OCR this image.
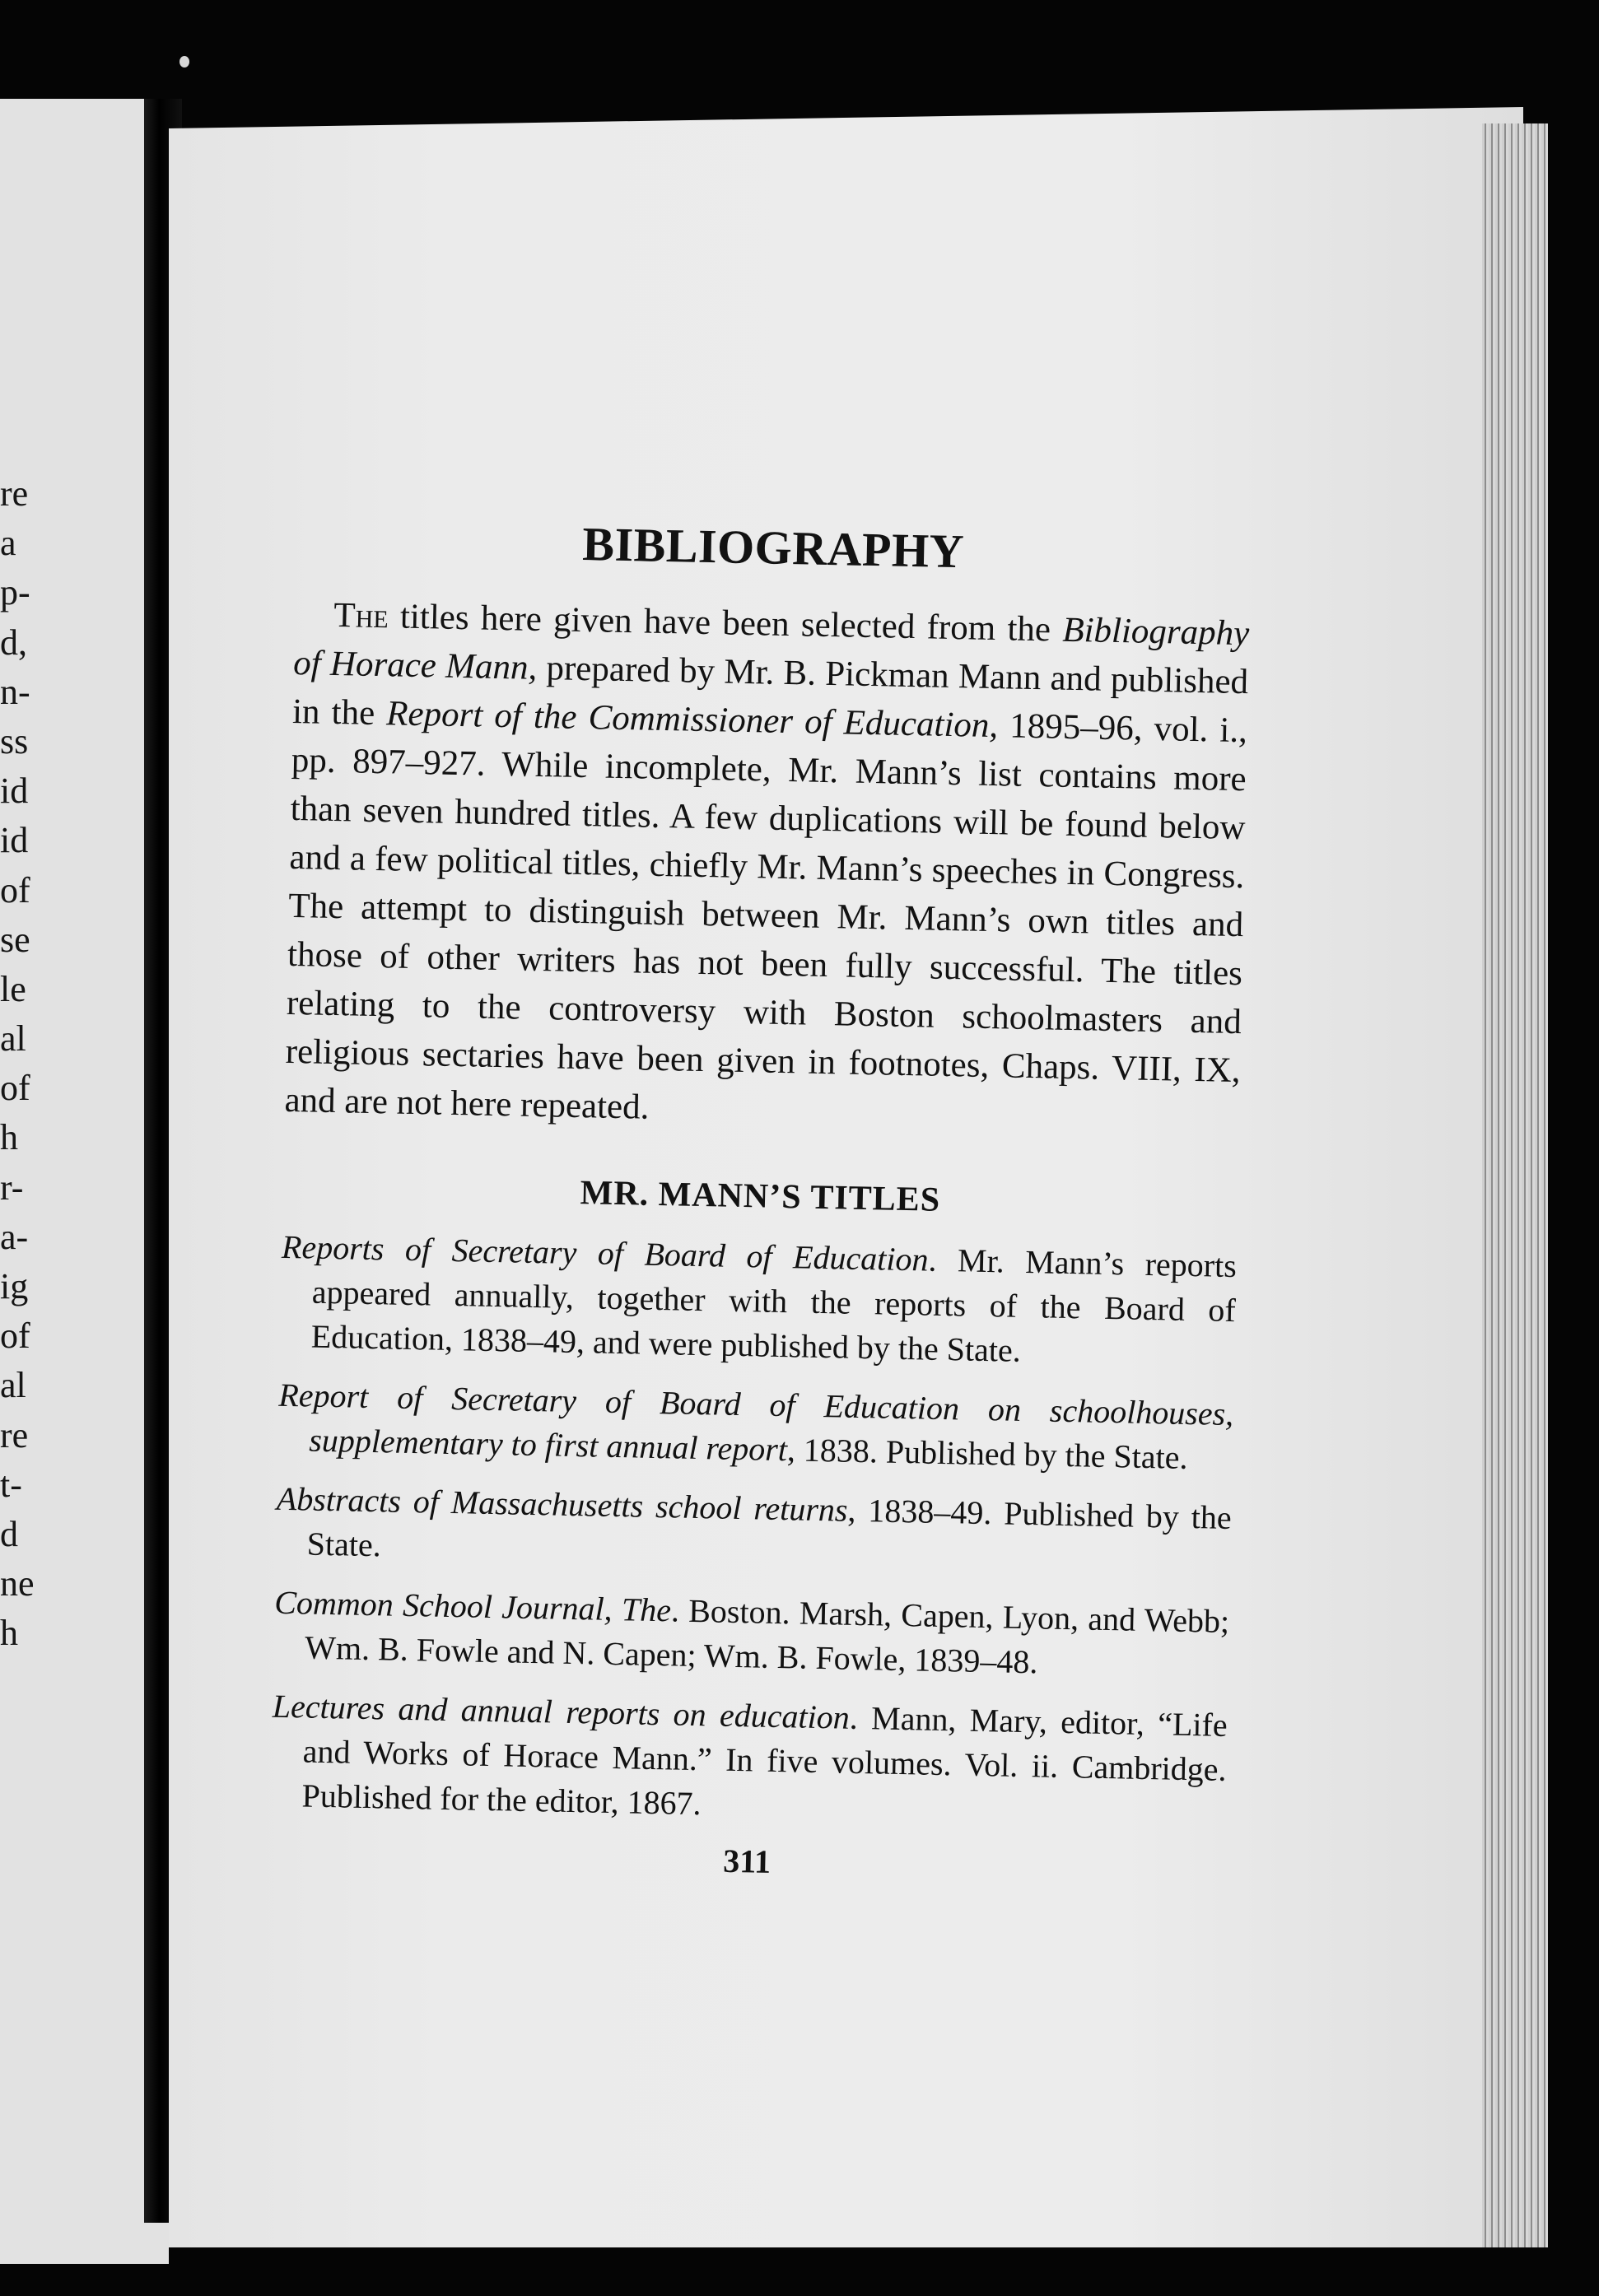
re
a
p-
d,
n-
ss
id
id
of
se
le
al
of
h
r-
a-
ig
of
al
re
t-
d
ne
h
BIBLIOGRAPHY

The titles here given have been selected from the Bibliography of Horace Mann, prepared by Mr. B. Pickman Mann and published in the Report of the Commissioner of Education, 1895–96, vol. i., pp. 897–927. While incomplete, Mr. Mann’s list contains more than seven hundred titles. A few duplications will be found below and a few political titles, chiefly Mr. Mann’s speeches in Congress. The attempt to distinguish between Mr. Mann’s own titles and those of other writers has not been fully successful. The titles relating to the controversy with Boston schoolmasters and religious sectaries have been given in footnotes, Chaps. VIII, IX, and are not here repeated.

MR. MANN’S TITLES

Reports of Secretary of Board of Education. Mr. Mann’s reports appeared annually, together with the reports of the Board of Education, 1838–49, and were published by the State.

Report of Secretary of Board of Education on schoolhouses, supplementary to first annual report, 1838. Published by the State.

Abstracts of Massachusetts school returns, 1838–49. Published by the State.

Common School Journal, The. Boston. Marsh, Capen, Lyon, and Webb; Wm. B. Fowle and N. Capen; Wm. B. Fowle, 1839–48.

Lectures and annual reports on education. Mann, Mary, editor, “Life and Works of Horace Mann.” In five volumes. Vol. ii. Cambridge. Published for the editor, 1867.

311
